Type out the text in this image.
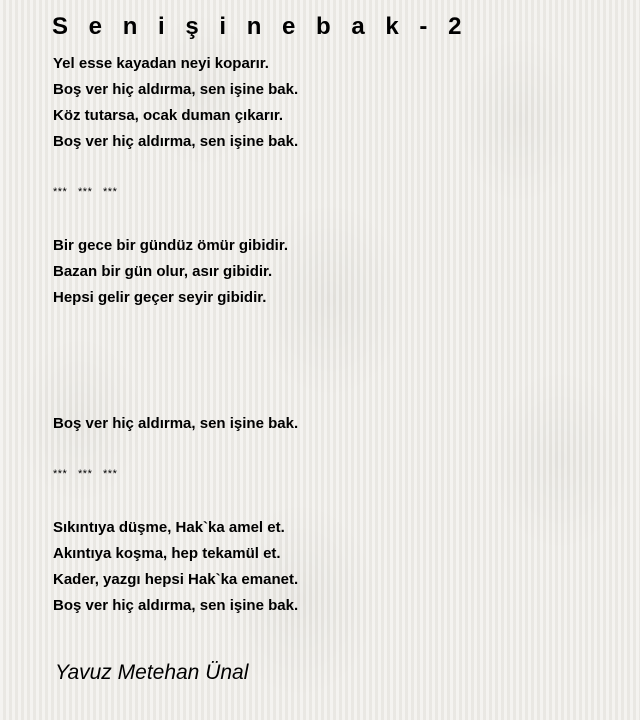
S e n i ş i n e b a k - 2
Yel esse kayadan neyi koparır.
Boş ver hiç aldırma, sen işine bak.
Köz tutarsa, ocak duman çıkarır.
Boş ver hiç aldırma, sen işine bak.
***   ***   ***
Bir gece bir gündüz ömür gibidir.
Bazan bir gün olur, asır gibidir.
Hepsi gelir geçer seyir gibidir.
Boş ver hiç aldırma, sen işine bak.
***   ***   ***
Sıkıntıya düşme, Hak`ka amel et.
Akıntıya koşma, hep tekamül et.
Kader, yazgı hepsi Hak`ka emanet.
Boş ver hiç aldırma, sen işine bak.
Yavuz Metehan Ünal
